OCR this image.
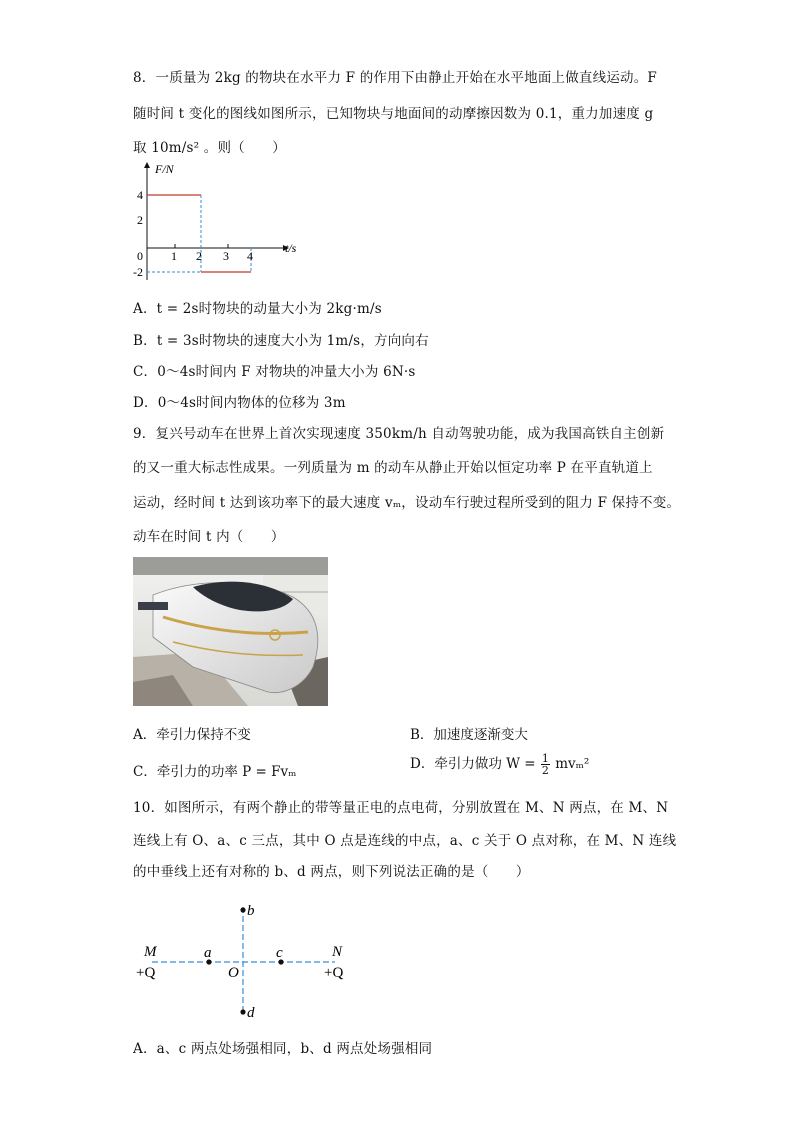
8．一质量为 2kg 的物块在水平力 F 的作用下由静止开始在水平地面上做直线运动。F
随时间 t 变化的图线如图所示，已知物块与地面间的动摩擦因数为 0.1，重力加速度 g
取 10m/s² 。则（　　）
F/N
t/s
4
2
0
-2
1 2 3 4
A．t = 2s时物块的动量大小为 2kg·m/s
B．t = 3s时物块的速度大小为 1m/s，方向向右
C．0～4s时间内 F 对物块的冲量大小为 6N·s
D．0～4s时间内物体的位移为 3m
9．复兴号动车在世界上首次实现速度 350km/h 自动驾驶功能，成为我国高铁自主创新
的又一重大标志性成果。一列质量为 m 的动车从静止开始以恒定功率 P 在平直轨道上
运动，经时间 t 达到该功率下的最大速度 vₘ，设动车行驶过程所受到的阻力 F 保持不变。
动车在时间 t 内（　　）
A．牵引力保持不变	B．加速度逐渐变大
C．牵引力的功率 P = Fvₘ	D．牵引力做功 $W = \frac{1}{2} mv_m^2$
10．如图所示，有两个静止的带等量正电的点电荷，分别放置在 M、N 两点，在 M、N
连线上有 O、a、c 三点，其中 O 点是连线的中点，a、c 关于 O 点对称，在 M、N 连线
的中垂线上还有对称的 b、d 两点，则下列说法正确的是（　　）
b
d
a	c
O
M	N
+Q	+Q
A．a、c 两点处场强相同，b、d 两点处场强相同
